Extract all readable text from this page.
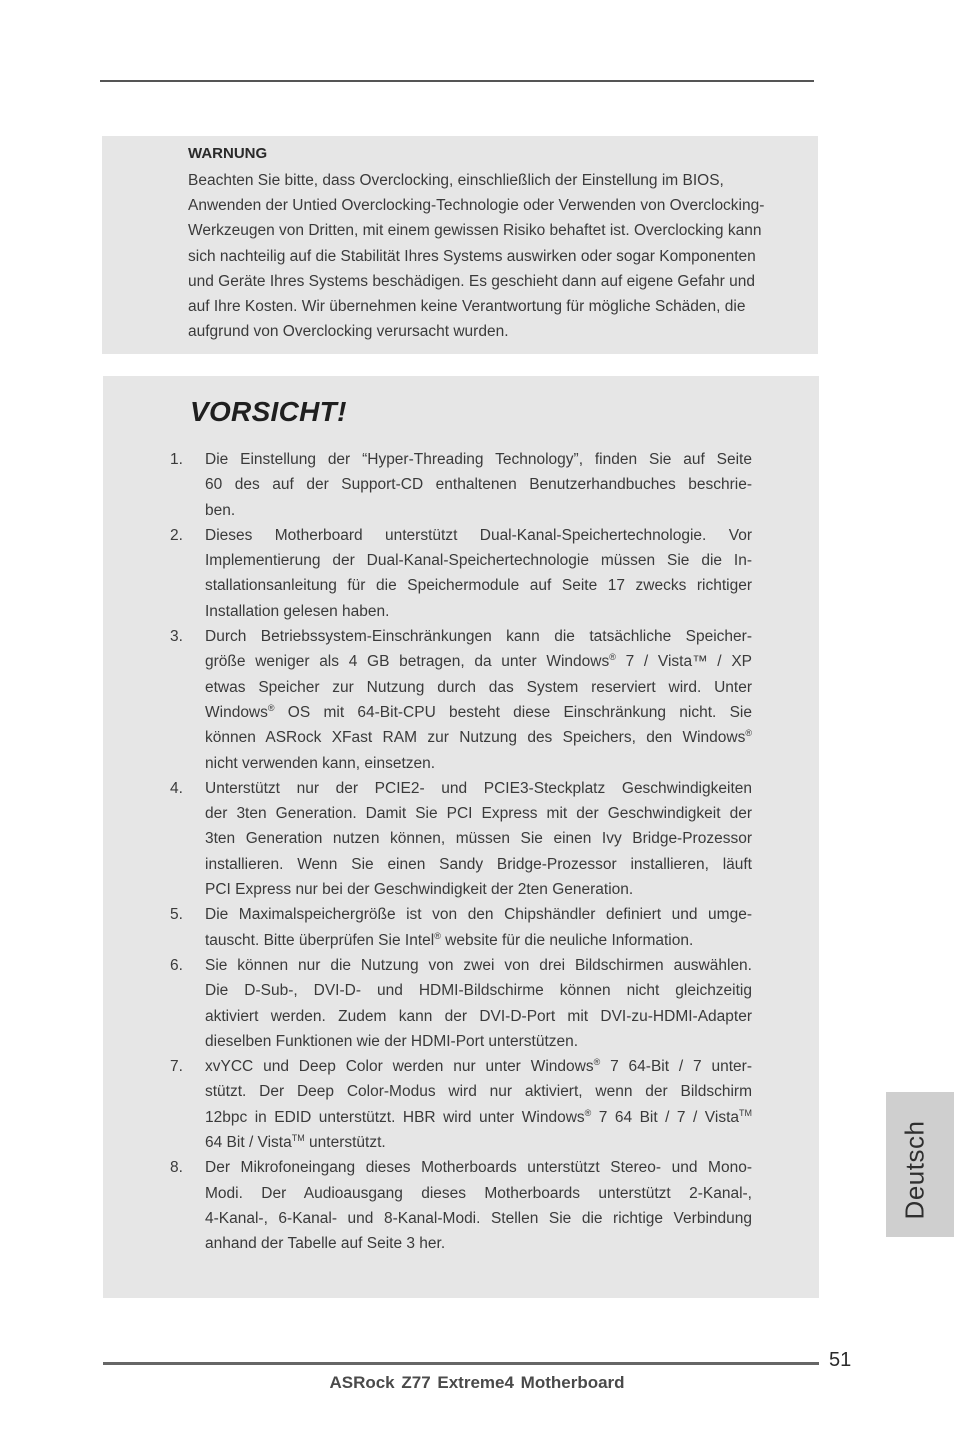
WARNUNG

Beachten Sie bitte, dass Overclocking, einschließlich der Einstellung im BIOS,
Anwenden der Untied Overclocking-Technologie oder Verwenden von Overclocking-
Werkzeugen von Dritten, mit einem gewissen Risiko behaftet ist. Overclocking kann
sich nachteilig auf die Stabilität Ihres Systems auswirken oder sogar Komponenten
und Geräte Ihres Systems beschädigen. Es geschieht dann auf eigene Gefahr und
auf Ihre Kosten. Wir übernehmen keine Verantwortung für mögliche Schäden, die
aufgrund von Overclocking verursacht wurden.

VORSICHT!
1. Die Einstellung der “Hyper-Threading Technology”, finden Sie auf Seite
60 des auf der Support-CD enthaltenen Benutzerhandbuches beschrie-
ben.
2. Dieses Motherboard unterstützt Dual-Kanal-Speichertechnologie. Vor
Implementierung der Dual-Kanal-Speichertechnologie müssen Sie die In-
stallationsanleitung für die Speichermodule auf Seite 17 zwecks richtiger
Installation gelesen haben.
3. Durch Betriebssystem-Einschränkungen kann die tatsächliche Speicher-
größe weniger als 4 GB betragen, da unter Windows® 7 / Vista™ / XP
etwas Speicher zur Nutzung durch das System reserviert wird. Unter
Windows® OS mit 64-Bit-CPU besteht diese Einschränkung nicht. Sie
können ASRock XFast RAM zur Nutzung des Speichers, den Windows®
nicht verwenden kann, einsetzen.
4. Unterstützt nur der PCIE2- und PCIE3-Steckplatz Geschwindigkeiten
der 3ten Generation. Damit Sie PCI Express mit der Geschwindigkeit der
3ten Generation nutzen können, müssen Sie einen Ivy Bridge-Prozessor
installieren. Wenn Sie einen Sandy Bridge-Prozessor installieren, läuft
PCI Express nur bei der Geschwindigkeit der 2ten Generation.
5. Die Maximalspeichergröße ist von den Chipshändler definiert und umge-
tauscht. Bitte überprüfen Sie Intel® website für die neuliche Information.
6. Sie können nur die Nutzung von zwei von drei Bildschirmen auswählen.
Die D-Sub-, DVI-D- und HDMI-Bildschirme können nicht gleichzeitig
aktiviert werden. Zudem kann der DVI-D-Port mit DVI-zu-HDMI-Adapter
dieselben Funktionen wie der HDMI-Port unterstützen.
7. xvYCC und Deep Color werden nur unter Windows® 7 64-Bit / 7 unter-
stützt. Der Deep Color-Modus wird nur aktiviert, wenn der Bildschirm
12bpc in EDID unterstützt. HBR wird unter Windows® 7 64 Bit / 7 / Vista™
64 Bit / Vista™ unterstützt.
8. Der Mikrofoneingang dieses Motherboards unterstützt Stereo- und Mono-
Modi. Der Audioausgang dieses Motherboards unterstützt 2-Kanal-,
4-Kanal-, 6-Kanal- und 8-Kanal-Modi. Stellen Sie die richtige Verbindung
anhand der Tabelle auf Seite 3 her.
Deutsch

51

ASRock Z77 Extreme4 Motherboard
